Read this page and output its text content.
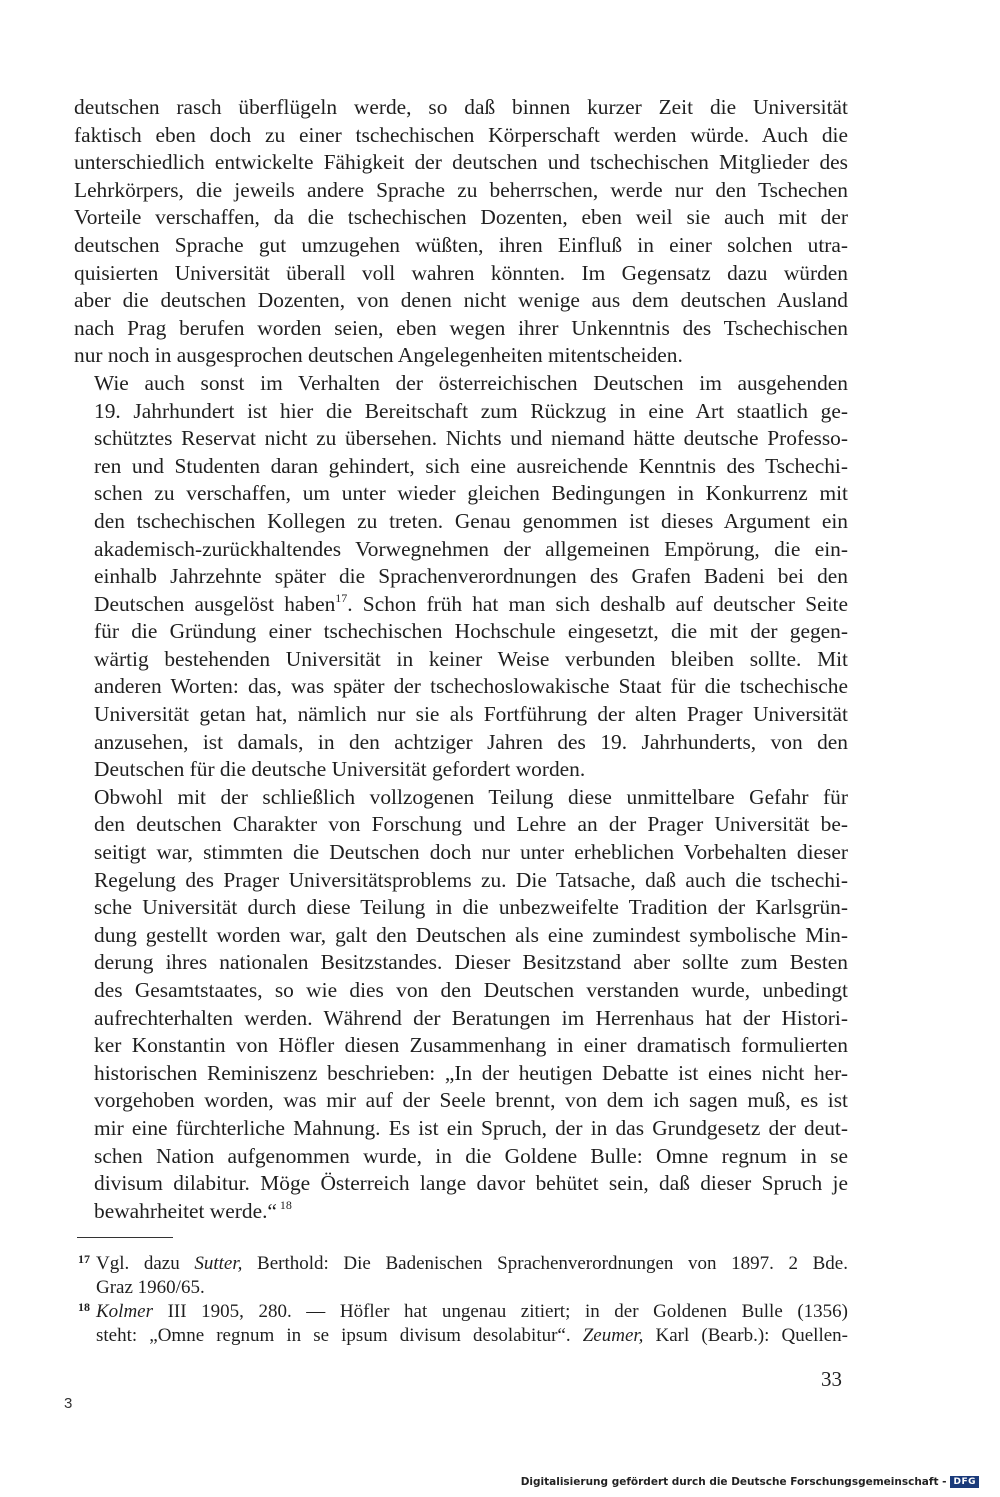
deutschen rasch überflügeln werde, so daß binnen kurzer Zeit die Universität
faktisch eben doch zu einer tschechischen Körperschaft werden würde. Auch die
unterschiedlich entwickelte Fähigkeit der deutschen und tschechischen Mitglieder des
Lehrkörpers, die jeweils andere Sprache zu beherrschen, werde nur den Tschechen
Vorteile verschaffen, da die tschechischen Dozenten, eben weil sie auch mit der
deutschen Sprache gut umzugehen wüßten, ihren Einfluß in einer solchen utra-
quisierten Universität überall voll wahren könnten. Im Gegensatz dazu würden
aber die deutschen Dozenten, von denen nicht wenige aus dem deutschen Ausland
nach Prag berufen worden seien, eben wegen ihrer Unkenntnis des Tschechischen
nur noch in ausgesprochen deutschen Angelegenheiten mitentscheiden.

Wie auch sonst im Verhalten der österreichischen Deutschen im ausgehenden
19. Jahrhundert ist hier die Bereitschaft zum Rückzug in eine Art staatlich ge-
schütztes Reservat nicht zu übersehen. Nichts und niemand hätte deutsche Professo-
ren und Studenten daran gehindert, sich eine ausreichende Kenntnis des Tschechi-
schen zu verschaffen, um unter wieder gleichen Bedingungen in Konkurrenz mit
den tschechischen Kollegen zu treten. Genau genommen ist dieses Argument ein
akademisch-zurückhaltendes Vorwegnehmen der allgemeinen Empörung, die ein-
einhalb Jahrzehnte später die Sprachenverordnungen des Grafen Badeni bei den
Deutschen ausgelöst haben$^{17}$. Schon früh hat man sich deshalb auf deutscher Seite
für die Gründung einer tschechischen Hochschule eingesetzt, die mit der gegen-
wärtig bestehenden Universität in keiner Weise verbunden bleiben sollte. Mit
anderen Worten: das, was später der tschechoslowakische Staat für die tschechische
Universität getan hat, nämlich nur sie als Fortführung der alten Prager Universität
anzusehen, ist damals, in den achtziger Jahren des 19. Jahrhunderts, von den
Deutschen für die deutsche Universität gefordert worden.

Obwohl mit der schließlich vollzogenen Teilung diese unmittelbare Gefahr für
den deutschen Charakter von Forschung und Lehre an der Prager Universität be-
seitigt war, stimmten die Deutschen doch nur unter erheblichen Vorbehalten dieser
Regelung des Prager Universitätsproblems zu. Die Tatsache, daß auch die tschechi-
sche Universität durch diese Teilung in die unbezweifelte Tradition der Karlsgrün-
dung gestellt worden war, galt den Deutschen als eine zumindest symbolische Min-
derung ihres nationalen Besitzstandes. Dieser Besitzstand aber sollte zum Besten
des Gesamtstaates, so wie dies von den Deutschen verstanden wurde, unbedingt
aufrechterhalten werden. Während der Beratungen im Herrenhaus hat der Histori-
ker Konstantin von Höfler diesen Zusammenhang in einer dramatisch formulierten
historischen Reminiszenz beschrieben: „In der heutigen Debatte ist eines nicht her-
vorgehoben worden, was mir auf der Seele brennt, von dem ich sagen muß, es ist
mir eine fürchterliche Mahnung. Es ist ein Spruch, der in das Grundgesetz der deut-
schen Nation aufgenommen wurde, in die Goldene Bulle: Omne regnum in se
divisum dilabitur. Möge Österreich lange davor behütet sein, daß dieser Spruch je
bewahrheitet werde.“ $^{18}$

17 Vgl. dazu Sutter, Berthold: Die Badenischen Sprachenverordnungen von 1897. 2 Bde.
Graz 1960/65.
18 Kolmer III 1905, 280. — Höfler hat ungenau zitiert; in der Goldenen Bulle (1356)
steht: „Omne regnum in se ipsum divisum desolabitur“. Zeumer, Karl (Bearb.): Quellen-
33
3
Digitalisierung gefördert durch die Deutsche Forschungsgemeinschaft - DFG
